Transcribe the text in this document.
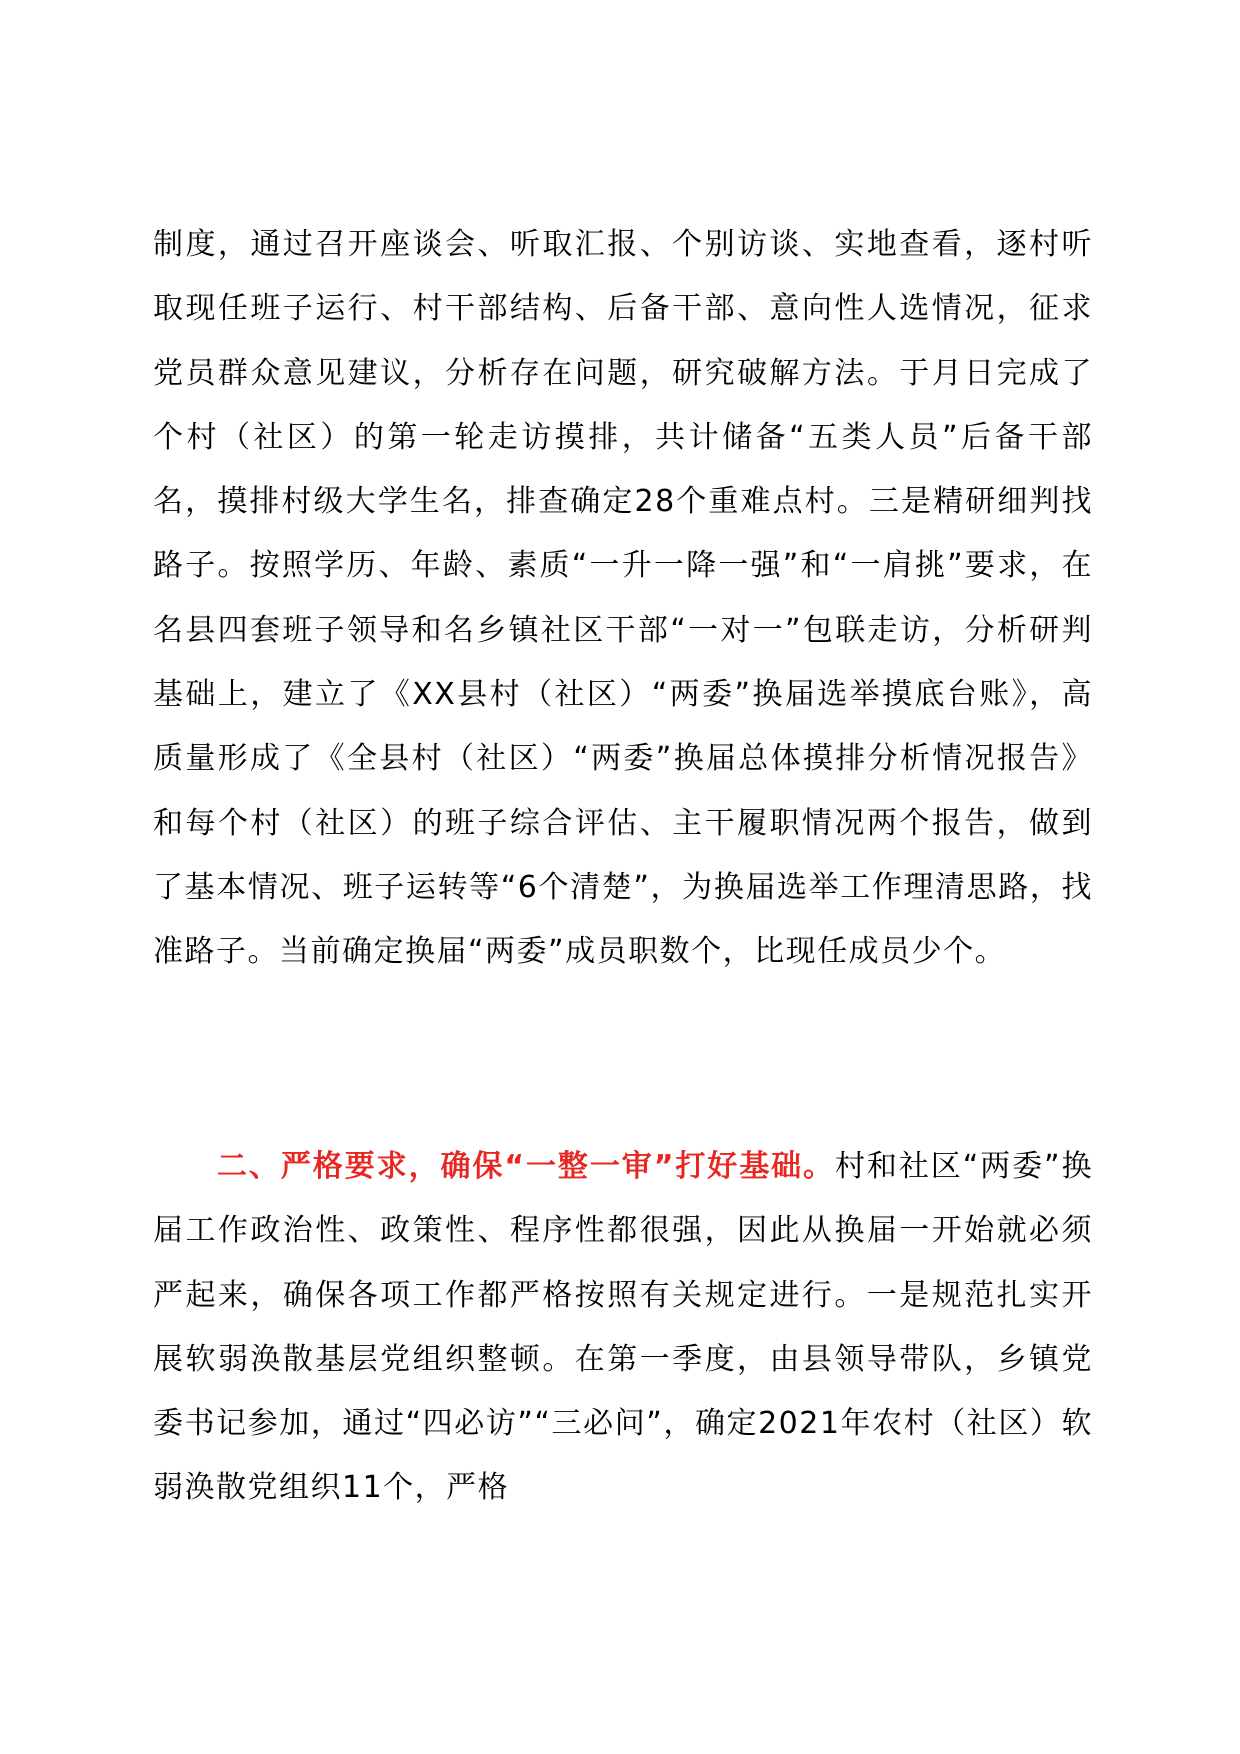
制度，通过召开座谈会、听取汇报、个别访谈、实地查看，逐村听取现任班子运行、村干部结构、后备干部、意向性人选情况，征求党员群众意见建议，分析存在问题，研究破解方法。于月日完成了个村（社区）的第一轮走访摸排，共计储备“五类人员”后备干部名，摸排村级大学生名，排查确定28个重难点村。三是精研细判找路子。按照学历、年龄、素质“一升一降一强”和“一肩挑”要求，在名县四套班子领导和名乡镇社区干部“一对一”包联走访，分析研判基础上，建立了《XX县村（社区）“两委”换届选举摸底台账》，高质量形成了《全县村（社区）“两委”换届总体摸排分析情况报告》和每个村（社区）的班子综合评估、主干履职情况两个报告，做到了基本情况、班子运转等“6个清楚”，为换届选举工作理清思路，找准路子。当前确定换届“两委”成员职数个，比现任成员少个。

二、严格要求，确保“一整一审”打好基础。村和社区“两委”换届工作政治性、政策性、程序性都很强，因此从换届一开始就必须严起来，确保各项工作都严格按照有关规定进行。一是规范扎实开展软弱涣散基层党组织整顿。在第一季度，由县领导带队，乡镇党委书记参加，通过“四必访”“三必问”，确定2021年农村（社区）软弱涣散党组织11个，严格
